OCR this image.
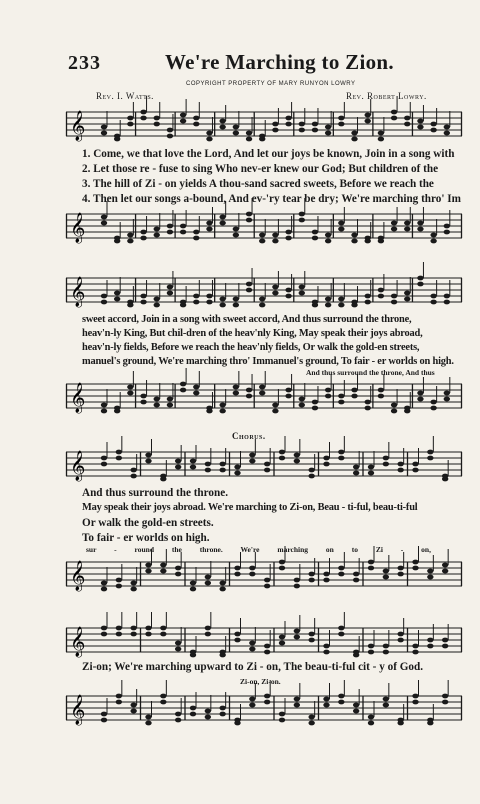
233	We're Marching to Zion.
COPYRIGHT PROPERTY OF MARY RUNYON LOWRY
Rev. I. Watts.	Rev. Robert Lowry.
𝄞
1. Come, we that love the Lord, And let our joys be known, Join in a song with
2. Let those re - fuse to sing Who nev-er knew our God; But children of the
3. The hill of Zi - on yields A thou-sand sacred sweets, Before we reach the
4. Then let our songs a-bound, And ev-'ry tear be dry; We're marching thro' Im
𝄞
𝄞
sweet accord, Join in a song with sweet accord, And thus surround the throne,
heav'n-ly King, But chil-dren of the heav'nly King, May speak their joys abroad,
heav'n-ly fields, Before we reach the heav'nly fields, Or walk the gold-en streets,
manuel's ground, We're marching thro' Immanuel's ground, To fair - er worlds on high.
And thus surround the throne, And thus
𝄞
Chorus.
𝄞
And thus surround the throne.
May speak their joys abroad. We're marching to Zi-on, Beau - ti-ful, beau-ti-ful
Or walk the gold-en streets.
To fair - er worlds on high.
sur - round the throne. We're marching on to Zi - on,
𝄞
𝄞
Zi-on; We're marching upward to Zi - on, The beau-ti-ful cit - y of God.
Zi-on, Zi-on.
𝄞
